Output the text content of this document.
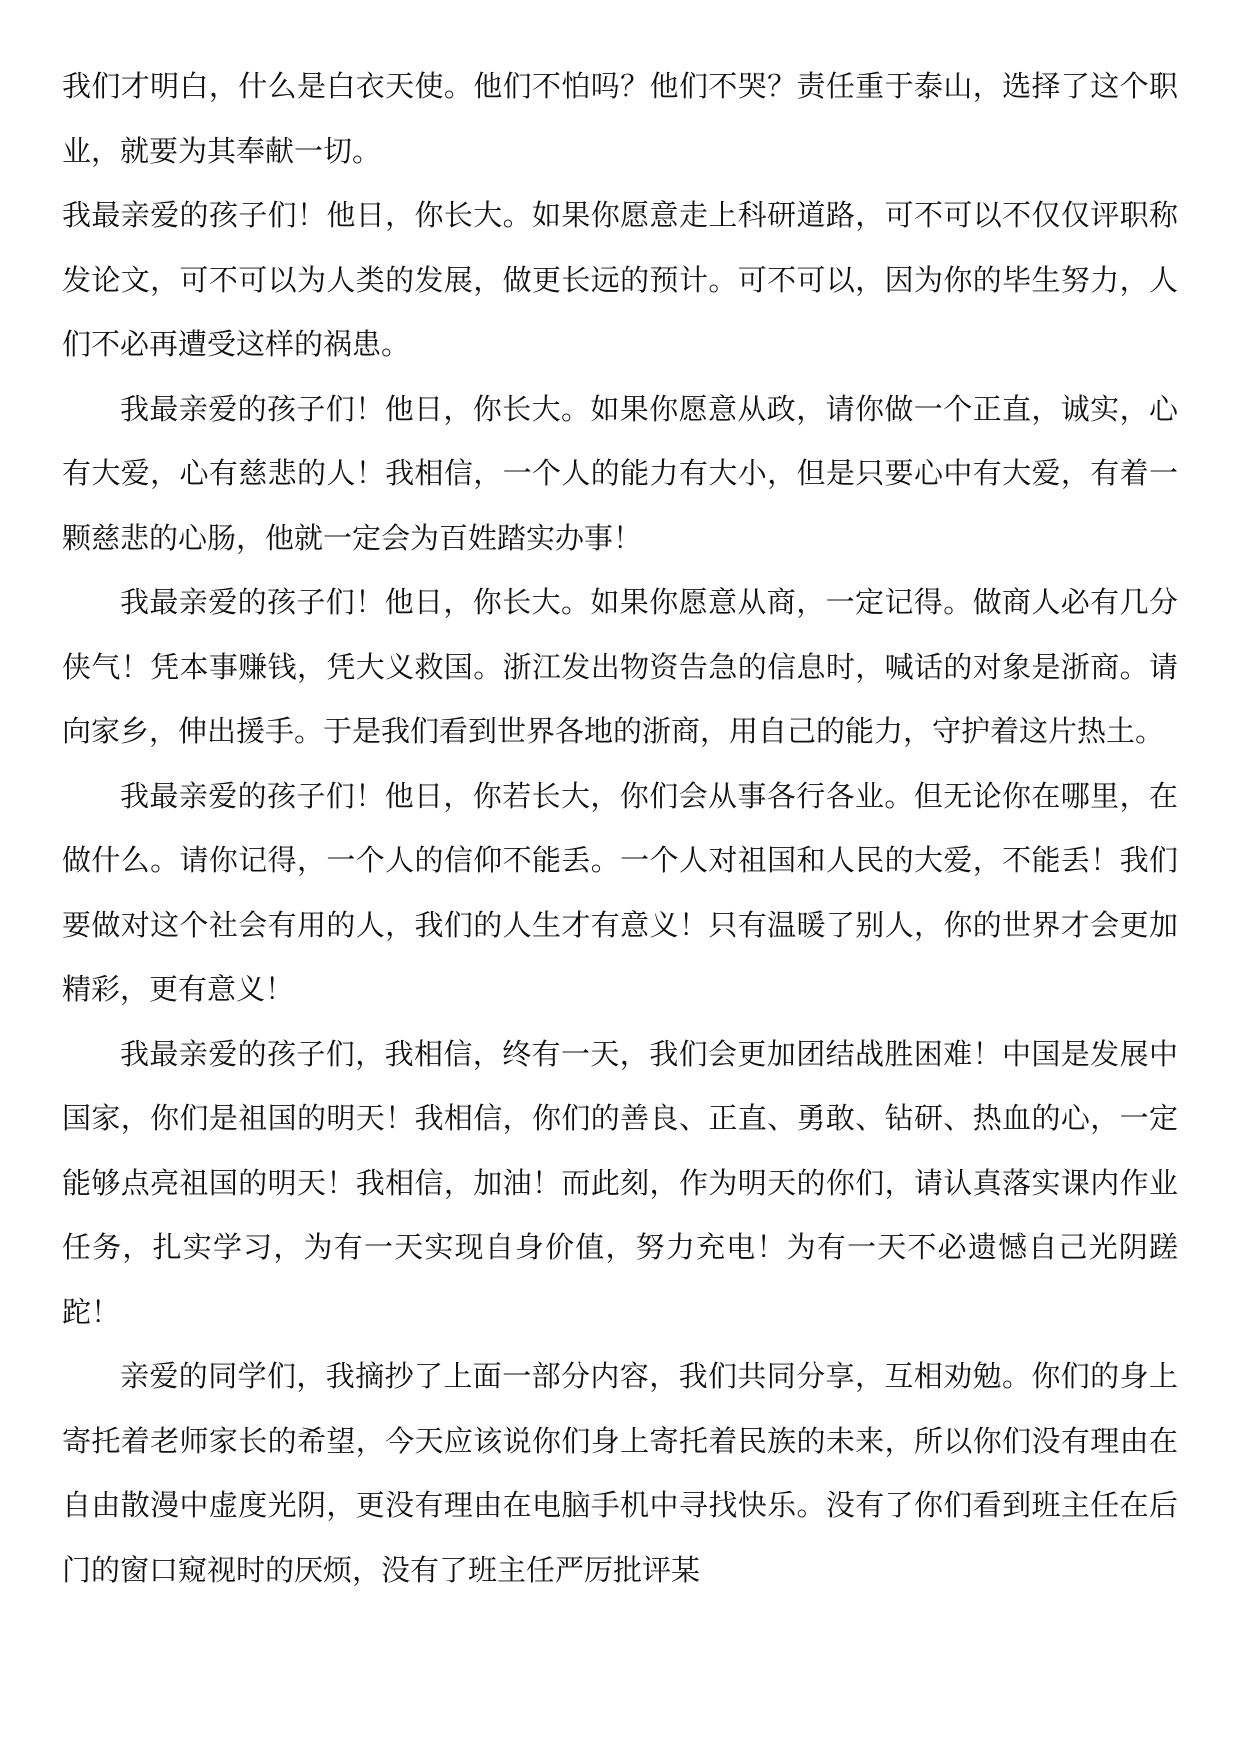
我们才明白，什么是白衣天使。他们不怕吗？他们不哭？责任重于泰山，选择了这个职业，就要为其奉献一切。

我最亲爱的孩子们！他日，你长大。如果你愿意走上科研道路，可不可以不仅仅评职称发论文，可不可以为人类的发展，做更长远的预计。可不可以，因为你的毕生努力，人们不必再遭受这样的祸患。

我最亲爱的孩子们！他日，你长大。如果你愿意从政，请你做一个正直，诚实，心有大爱，心有慈悲的人！我相信，一个人的能力有大小，但是只要心中有大爱，有着一颗慈悲的心肠，他就一定会为百姓踏实办事！

我最亲爱的孩子们！他日，你长大。如果你愿意从商，一定记得。做商人必有几分侠气！凭本事赚钱，凭大义救国。浙江发出物资告急的信息时，喊话的对象是浙商。请向家乡，伸出援手。于是我们看到世界各地的浙商，用自己的能力，守护着这片热土。

我最亲爱的孩子们！他日，你若长大，你们会从事各行各业。但无论你在哪里，在做什么。请你记得，一个人的信仰不能丢。一个人对祖国和人民的大爱，不能丢！我们要做对这个社会有用的人，我们的人生才有意义！只有温暖了别人，你的世界才会更加精彩，更有意义！

我最亲爱的孩子们，我相信，终有一天，我们会更加团结战胜困难！中国是发展中国家，你们是祖国的明天！我相信，你们的善良、正直、勇敢、钻研、热血的心，一定能够点亮祖国的明天！我相信，加油！而此刻，作为明天的你们，请认真落实课内作业任务，扎实学习，为有一天实现自身价值，努力充电！为有一天不必遗憾自己光阴蹉跎！

亲爱的同学们，我摘抄了上面一部分内容，我们共同分享，互相劝勉。你们的身上寄托着老师家长的希望，今天应该说你们身上寄托着民族的未来，所以你们没有理由在自由散漫中虚度光阴，更没有理由在电脑手机中寻找快乐。没有了你们看到班主任在后门的窗口窥视时的厌烦，没有了班主任严厉批评某
